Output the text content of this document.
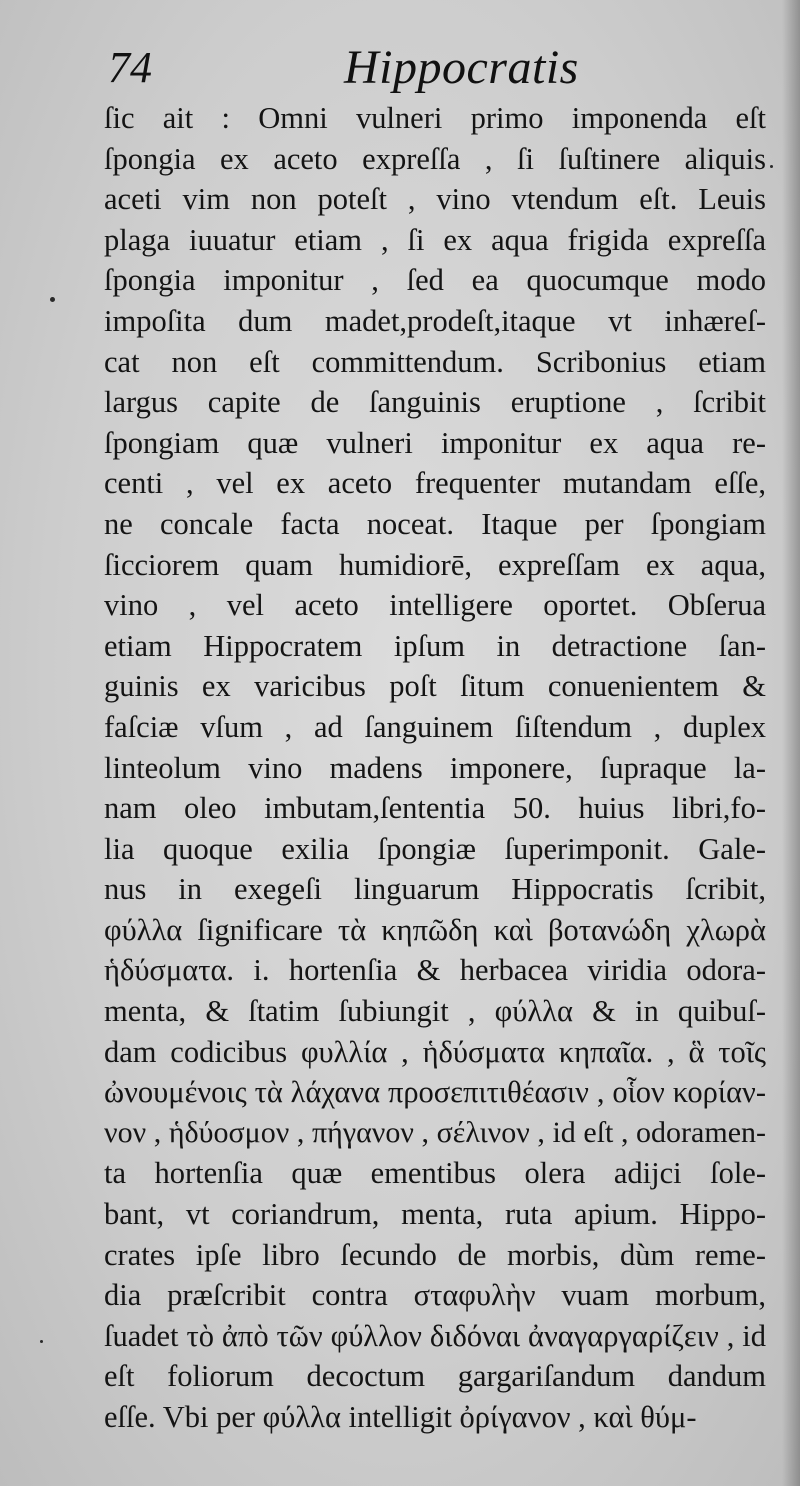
74	Hippocratis
ſic ait : Omni vulneri primo imponenda eſt
ſpongia ex aceto expreſſa , ſi ſuſtinere aliquis
aceti vim non poteſt , vino vtendum eſt. Leuis
plaga iuuatur etiam , ſi ex aqua frigida expreſſa
ſpongia imponitur , ſed ea quocumque modo
impoſita dum madet,prodeſt,itaque vt inhæreſ-
cat non eſt committendum. Scribonius etiam
largus capite de ſanguinis eruptione , ſcribit
ſpongiam quæ vulneri imponitur ex aqua re-
centi , vel ex aceto frequenter mutandam eſſe,
ne concale facta noceat. Itaque per ſpongiam
ſicciorem quam humidiorē, expreſſam ex aqua,
vino , vel aceto intelligere oportet. Obſerua
etiam Hippocratem ipſum in detractione ſan-
guinis ex varicibus poſt ſitum conuenientem &
faſciæ vſum , ad ſanguinem ſiſtendum , duplex
linteolum vino madens imponere, ſupraque la-
nam oleo imbutam,ſententia 50. huius libri,fo-
lia quoque exilia ſpongiæ ſuperimponit. Gale-
nus in exegeſi linguarum Hippocratis ſcribit,
φύλλα ſignificare τὰ κηπῶδη καὶ βοτανώδη χλωρὰ
ἡδύσματα. i. hortenſia & herbacea viridia odora-
menta, & ſtatim ſubiungit , φύλλα & in quibuſ-
dam codicibus φυλλία , ἡδύσματα κηπαῖα. , ἃ τοῖς
ὠνουμένοις τὰ λάχανα προσεπιτιθέασιν , οἷον κορίαν-
νον , ἡδύοσμον , πήγανον , σέλινον , id eſt , odoramen-
ta hortenſia quæ ementibus olera adijci ſole-
bant, vt coriandrum, menta, ruta apium. Hippo-
crates ipſe libro ſecundo de morbis, dùm reme-
dia præſcribit contra σταφυλὴν vuam morbum,
ſuadet τὸ ἀπὸ τῶν φύλλον διδόναι ἀναγαργαρίζειν , id
eſt foliorum decoctum gargariſandum dandum
eſſe. Vbi per φύλλα intelligit ὀρίγανον , καὶ θύμ-
